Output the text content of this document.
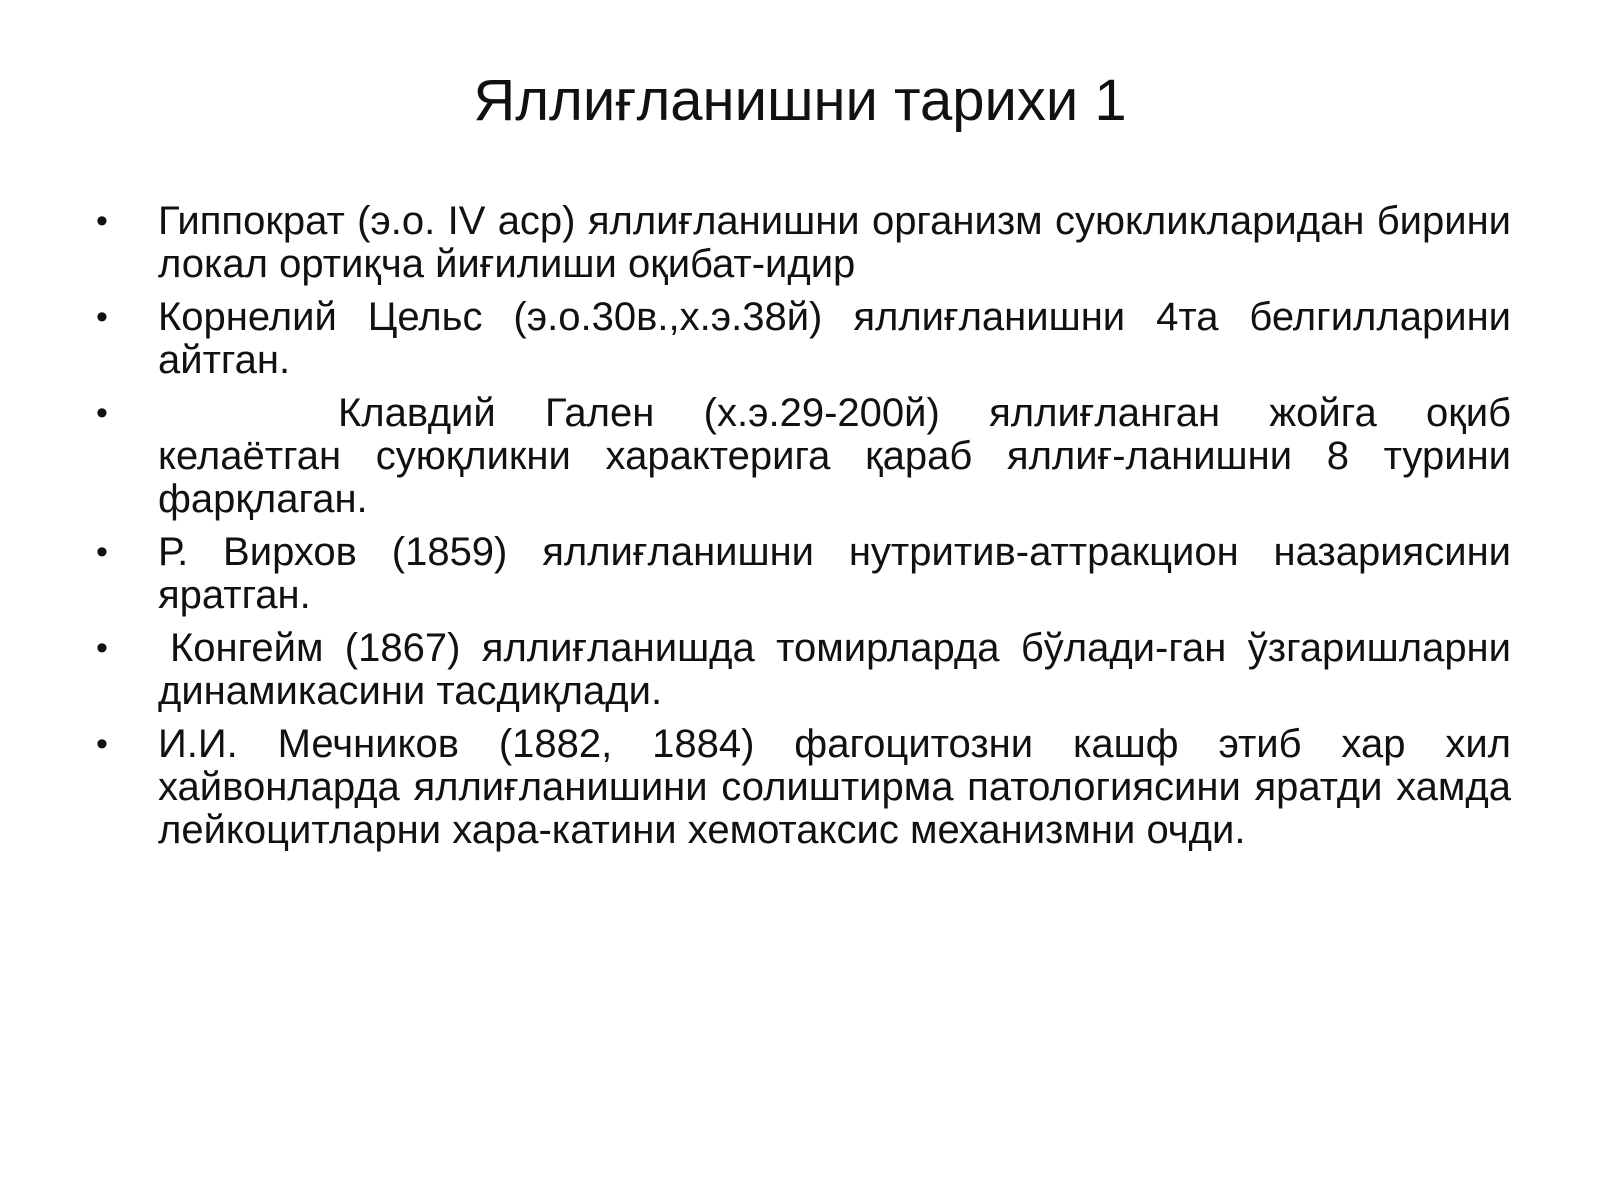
Яллиғланишни тарихи 1
•	Гиппократ (э.о. IV аср) яллиғланишни организм суюкликларидан бирини локал ортиқча йиғилиши оқибат-идир
•	Корнелий Цельс (э.о.30в.,х.э.38й) яллиғланишни 4та белгилларини айтган.
•	Клавдий Гален (х.э.29-200й) яллиғланган жойга оқиб келаётган суюқликни характерига қараб яллиғ-ланишни 8 турини фарқлаган.
•	Р. Вирхов (1859) яллиғланишни нутритив-аттракцион назариясини яратган.
•	Конгейм (1867) яллиғланишда томирларда бўлади-ган ўзгаришларни динамикасини тасдиқлади.
•	И.И. Мечников (1882, 1884) фагоцитозни кашф этиб хар хил хайвонларда яллиғланишини солиштирма патологиясини яратди хамда лейкоцитларни хара-катини хемотаксис механизмни очди.
